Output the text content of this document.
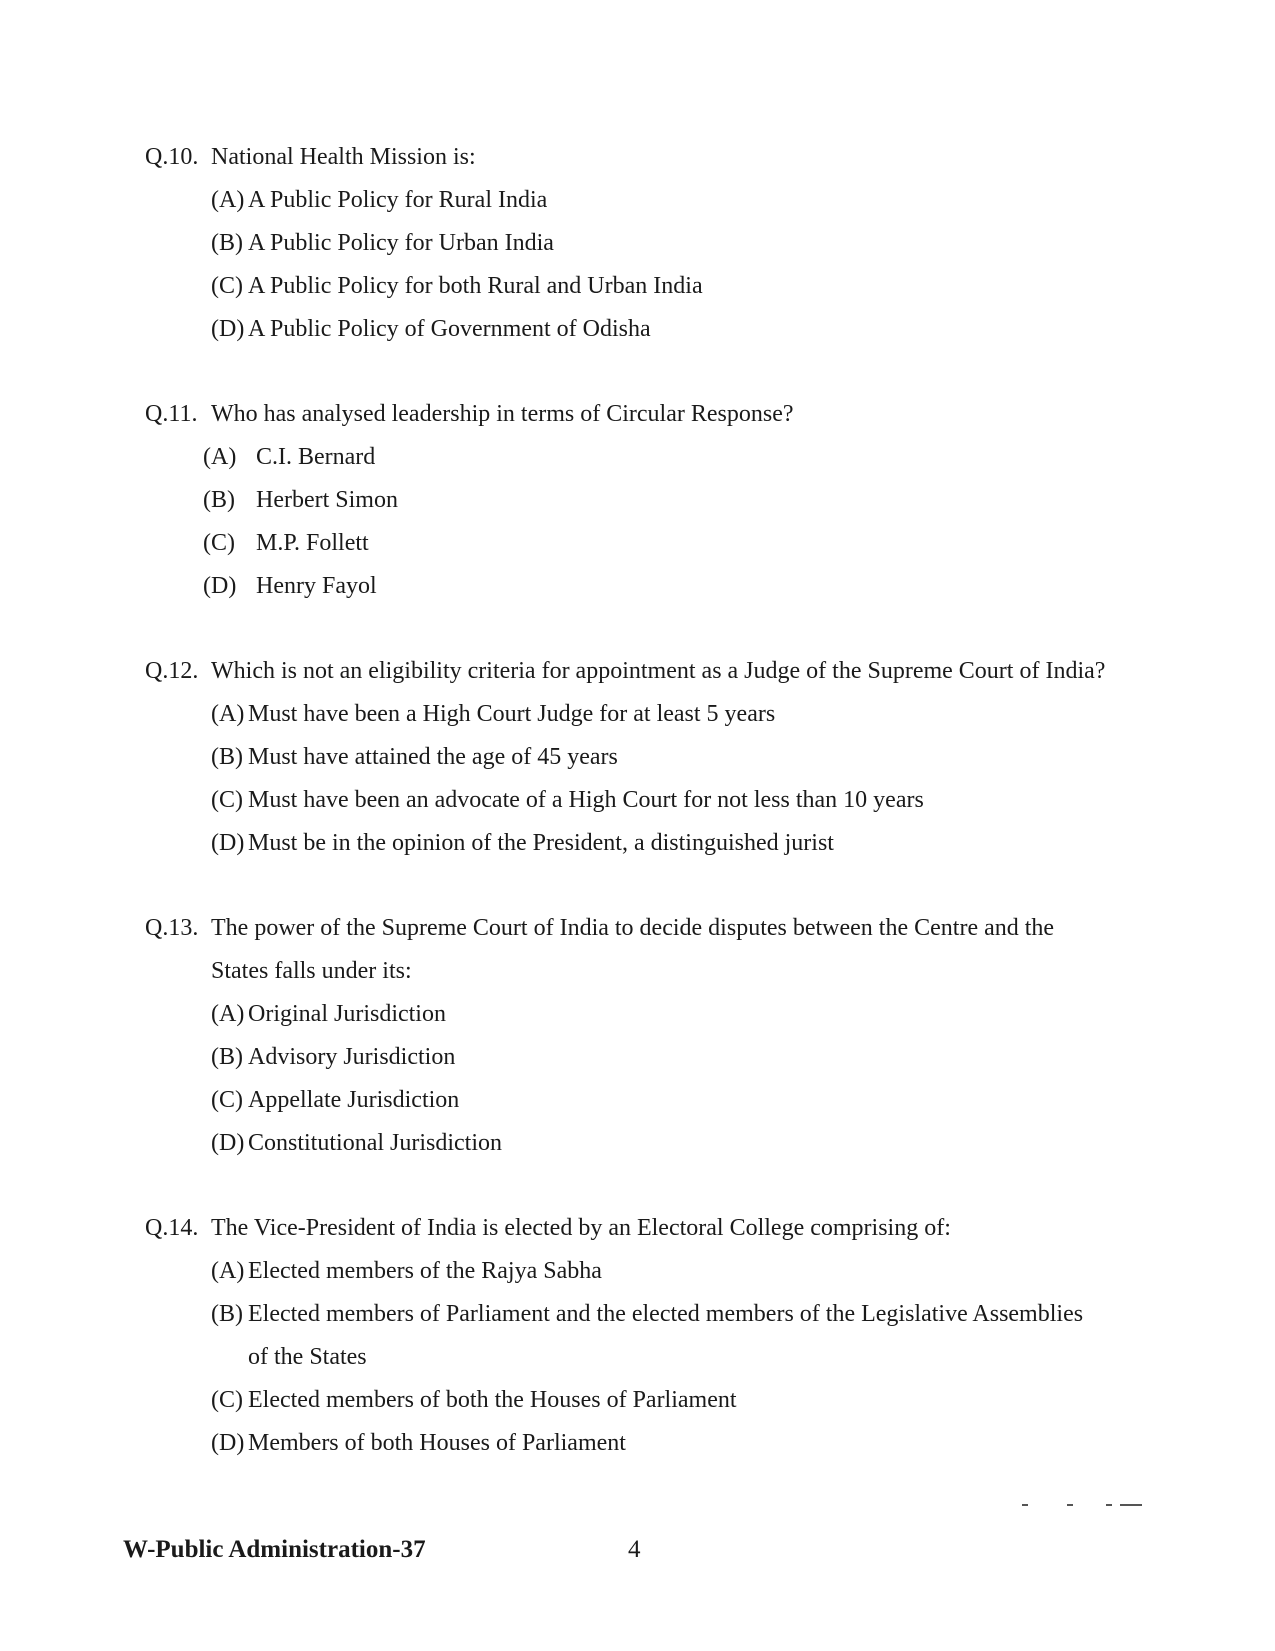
Q.10. National Health Mission is:
(A) A Public Policy for Rural India
(B) A Public Policy for Urban India
(C) A Public Policy for both Rural and Urban India
(D) A Public Policy of Government of Odisha
Q.11. Who has analysed leadership in terms of Circular Response?
(A) C.I. Bernard
(B) Herbert Simon
(C) M.P. Follett
(D) Henry Fayol
Q.12. Which is not an eligibility criteria for appointment as a Judge of the Supreme Court of India?
(A) Must have been a High Court Judge for at least 5 years
(B) Must have attained the age of 45 years
(C) Must have been an advocate of a High Court for not less than 10 years
(D) Must be in the opinion of the President, a distinguished jurist
Q.13. The power of the Supreme Court of India to decide disputes between the Centre and the
States falls under its:
(A) Original Jurisdiction
(B) Advisory Jurisdiction
(C) Appellate Jurisdiction
(D) Constitutional Jurisdiction
Q.14. The Vice-President of India is elected by an Electoral College comprising of:
(A) Elected members of the Rajya Sabha
(B) Elected members of Parliament and the elected members of the Legislative Assemblies
of the States
(C) Elected members of both the Houses of Parliament
(D) Members of both Houses of Parliament
W-Public Administration-37	4
